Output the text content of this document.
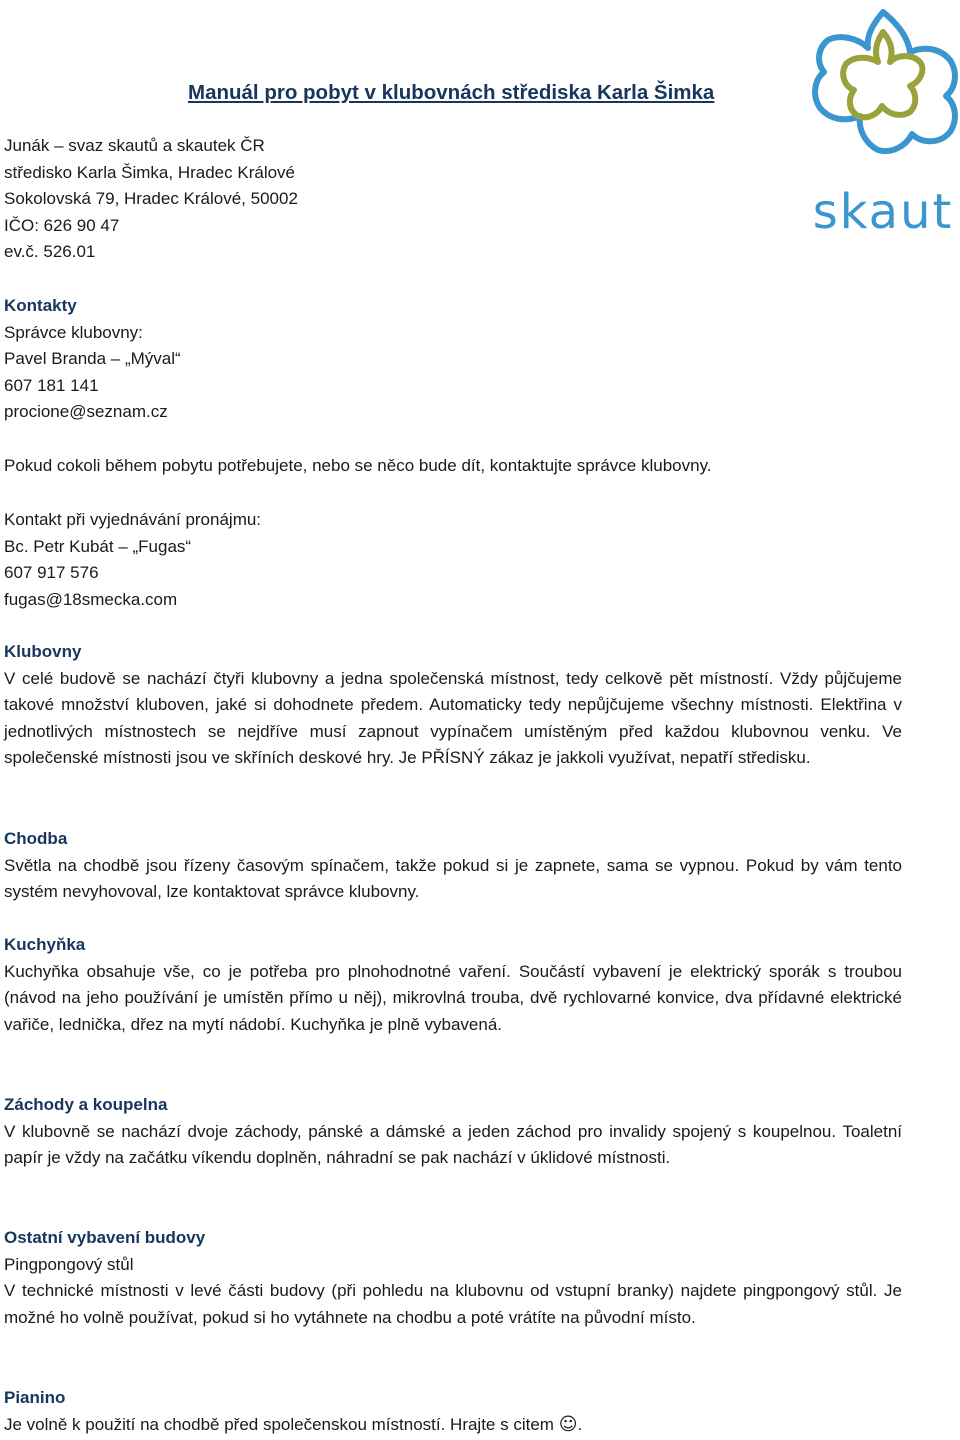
Manuál pro pobyt v klubovnách střediska Karla Šimka
skaut
Junák – svaz skautů a skautek ČR
středisko Karla Šimka, Hradec Králové
Sokolovská 79, Hradec Králové, 50002
IČO: 626 90 47
ev.č. 526.01
Kontakty
Správce klubovny:
Pavel Branda – „Mýval“
607 181 141
procione@seznam.cz
Pokud cokoli během pobytu potřebujete, nebo se něco bude dít, kontaktujte správce klubovny.
Kontakt při vyjednávání pronájmu:
Bc. Petr Kubát – „Fugas“
607 917 576
fugas@18smecka.com
Klubovny
V celé budově se nachází čtyři klubovny a jedna společenská místnost, tedy celkově pět místností. Vždy půjčujeme takové množství kluboven, jaké si dohodnete předem. Automaticky tedy nepůjčujeme všechny místnosti. Elektřina v jednotlivých místnostech se nejdříve musí zapnout vypínačem umístěným před každou klubovnou venku. Ve společenské místnosti jsou ve skříních deskové hry. Je PŘÍSNÝ zákaz je jakkoli využívat, nepatří středisku.
Chodba
Světla na chodbě jsou řízeny časovým spínačem, takže pokud si je zapnete, sama se vypnou. Pokud by vám tento systém nevyhovoval, lze kontaktovat správce klubovny.
Kuchyňka
Kuchyňka obsahuje vše, co je potřeba pro plnohodnotné vaření. Součástí vybavení je elektrický sporák s troubou (návod na jeho používání je umístěn přímo u něj), mikrovlná trouba, dvě rychlovarné konvice, dva přídavné elektrické vařiče, lednička, dřez na mytí nádobí. Kuchyňka je plně vybavená.
Záchody a koupelna
V klubovně se nachází dvoje záchody, pánské a dámské a jeden záchod pro invalidy spojený s koupelnou. Toaletní papír je vždy na začátku víkendu doplněn, náhradní se pak nachází v úklidové místnosti.
Ostatní vybavení budovy
Pingpongový stůl
V technické místnosti v levé části budovy (při pohledu na klubovnu od vstupní branky) najdete pingpongový stůl. Je možné ho volně používat, pokud si ho vytáhnete na chodbu a poté vrátíte na původní místo.
Pianino
Je volně k použití na chodbě před společenskou místností. Hrajte s citem ☺.
